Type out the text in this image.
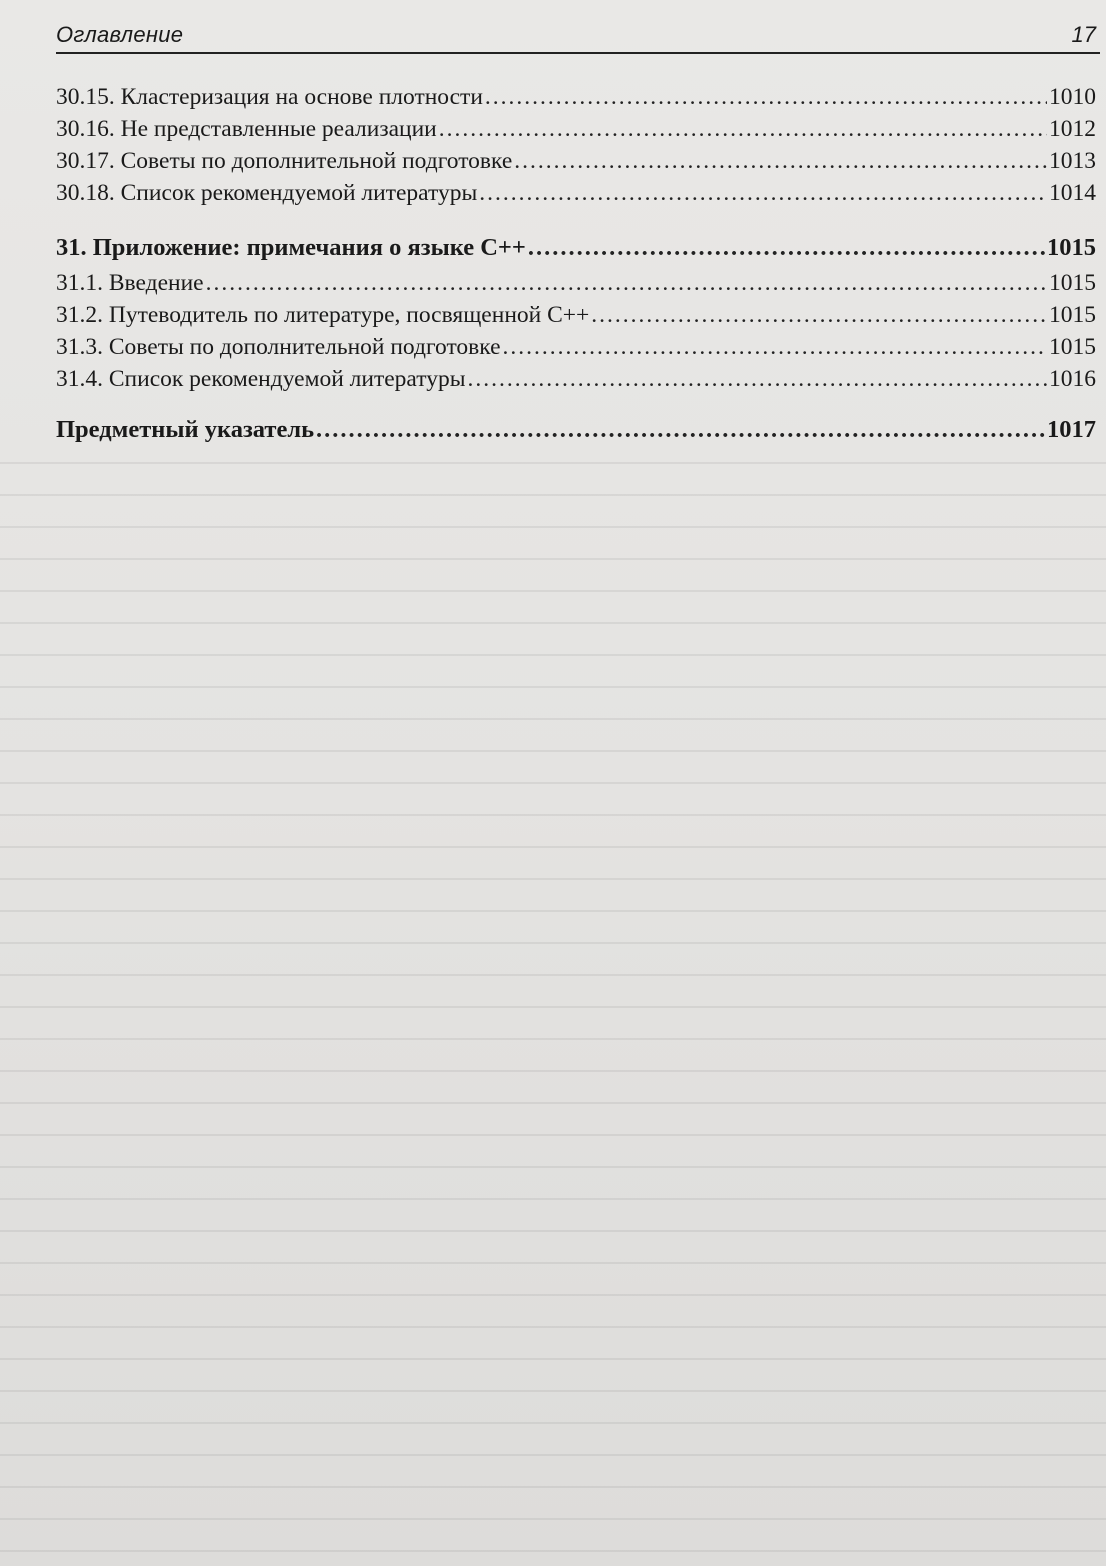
Оглавление	17
30.15. Кластеризация на основе плотности .....	1010
30.16. Не представленные реализации .....	1012
30.17. Советы по дополнительной подготовке .....	1013
30.18. Список рекомендуемой литературы .....	1014
31. Приложение: примечания о языке C++ .....	1015
31.1. Введение .....	1015
31.2. Путеводитель по литературе, посвященной C++ .....	1015
31.3. Советы по дополнительной подготовке .....	1015
31.4. Список рекомендуемой литературы .....	1016
Предметный указатель .....	1017
